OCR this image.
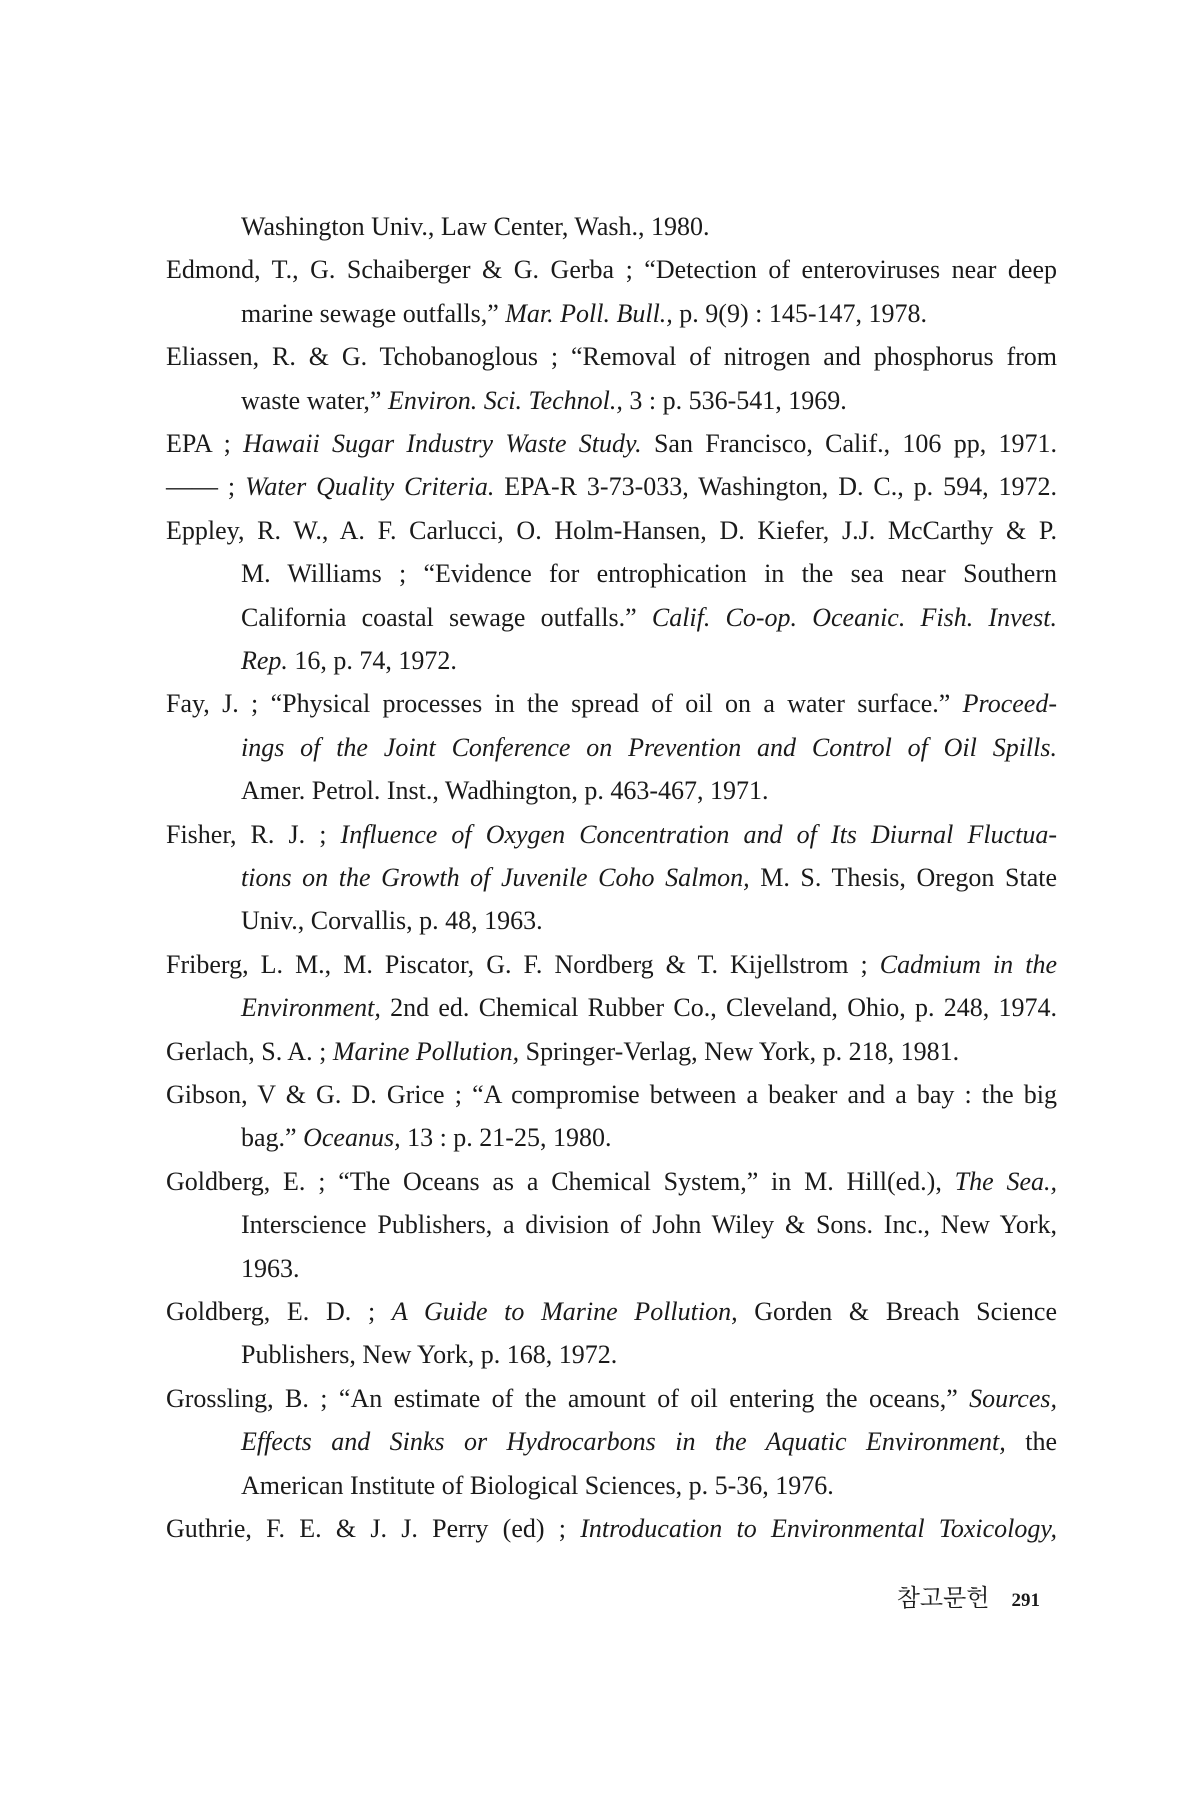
Washington Univ., Law Center, Wash., 1980.
Edmond, T., G. Schaiberger & G. Gerba ; “Detection of enteroviruses near deep
marine sewage outfalls,” Mar. Poll. Bull., p. 9(9) : 145-147, 1978.
Eliassen, R. & G. Tchobanoglous ; “Removal of nitrogen and phosphorus from
waste water,” Environ. Sci. Technol., 3 : p. 536-541, 1969.
EPA ; Hawaii Sugar Industry Waste Study. San Francisco, Calif., 106 pp, 1971.
—— ; Water Quality Criteria. EPA-R 3-73-033, Washington, D. C., p. 594, 1972.
Eppley, R. W., A. F. Carlucci, O. Holm-Hansen, D. Kiefer, J.J. McCarthy & P.
M. Williams ; “Evidence for entrophication in the sea near Southern
California coastal sewage outfalls.” Calif. Co-op. Oceanic. Fish. Invest.
Rep. 16, p. 74, 1972.
Fay, J. ; “Physical processes in the spread of oil on a water surface.” Proceed-
ings of the Joint Conference on Prevention and Control of Oil Spills.
Amer. Petrol. Inst., Wadhington, p. 463-467, 1971.
Fisher, R. J. ; Influence of Oxygen Concentration and of Its Diurnal Fluctua-
tions on the Growth of Juvenile Coho Salmon, M. S. Thesis, Oregon State
Univ., Corvallis, p. 48, 1963.
Friberg, L. M., M. Piscator, G. F. Nordberg & T. Kijellstrom ; Cadmium in the
Environment, 2nd ed. Chemical Rubber Co., Cleveland, Ohio, p. 248, 1974.
Gerlach, S. A. ; Marine Pollution, Springer-Verlag, New York, p. 218, 1981.
Gibson, V & G. D. Grice ; “A compromise between a beaker and a bay : the big
bag.” Oceanus, 13 : p. 21-25, 1980.
Goldberg, E. ; “The Oceans as a Chemical System,” in M. Hill(ed.), The Sea.,
Interscience Publishers, a division of John Wiley & Sons. Inc., New York,
1963.
Goldberg, E. D. ; A Guide to Marine Pollution, Gorden & Breach Science
Publishers, New York, p. 168, 1972.
Grossling, B. ; “An estimate of the amount of oil entering the oceans,” Sources,
Effects and Sinks or Hydrocarbons in the Aquatic Environment, the
American Institute of Biological Sciences, p. 5-36, 1976.
Guthrie, F. E. & J. J. Perry (ed) ; Introducation to Environmental Toxicology,
참고문헌 291
